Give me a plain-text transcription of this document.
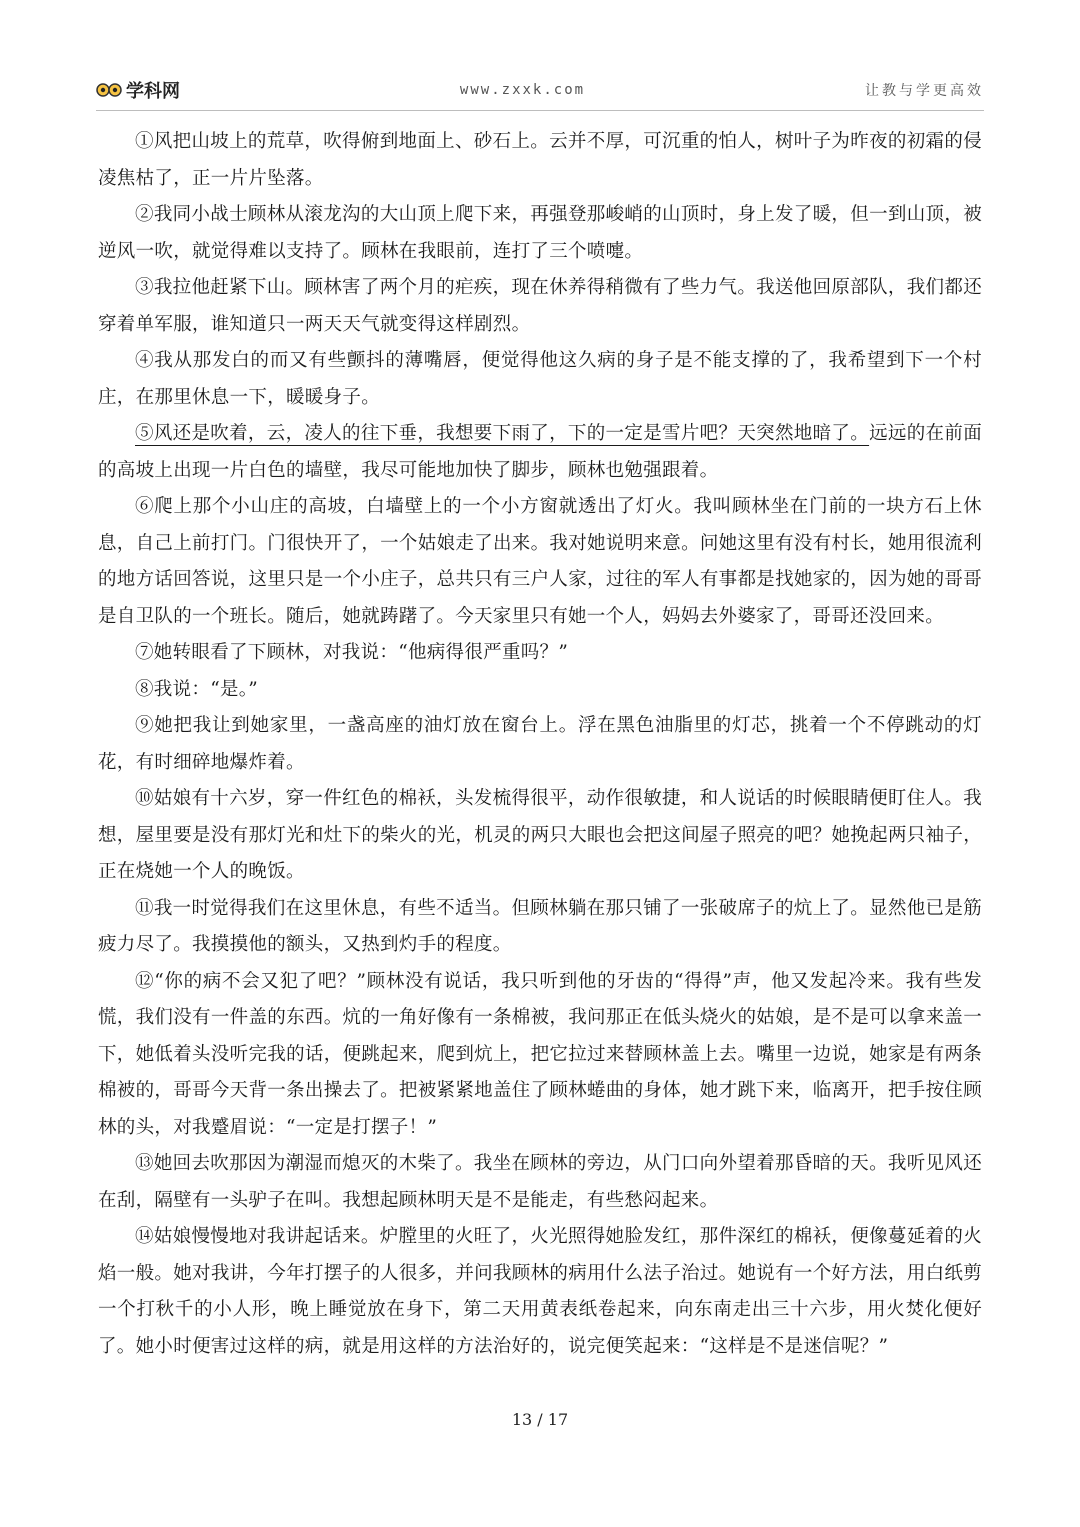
学科网	www.zxxk.com	让教与学更高效

①风把山坡上的荒草，吹得俯到地面上、砂石上。云并不厚，可沉重的怕人，树叶子为昨夜的初霜的侵凌焦枯了，正一片片坠落。

②我同小战士顾林从滚龙沟的大山顶上爬下来，再强登那峻峭的山顶时，身上发了暖，但一到山顶，被逆风一吹，就觉得难以支持了。顾林在我眼前，连打了三个喷嚏。

③我拉他赶紧下山。顾林害了两个月的疟疾，现在休养得稍微有了些力气。我送他回原部队，我们都还穿着单军服，谁知道只一两天天气就变得这样剧烈。

④我从那发白的而又有些颤抖的薄嘴唇，便觉得他这久病的身子是不能支撑的了，我希望到下一个村庄，在那里休息一下，暖暖身子。

⑤风还是吹着，云，凌人的往下垂，我想要下雨了，下的一定是雪片吧？天突然地暗了。远远的在前面的高坡上出现一片白色的墙壁，我尽可能地加快了脚步，顾林也勉强跟着。

⑥爬上那个小山庄的高坡，白墙壁上的一个小方窗就透出了灯火。我叫顾林坐在门前的一块方石上休息，自己上前打门。门很快开了，一个姑娘走了出来。我对她说明来意。问她这里有没有村长，她用很流利的地方话回答说，这里只是一个小庄子，总共只有三户人家，过往的军人有事都是找她家的，因为她的哥哥是自卫队的一个班长。随后，她就踌躇了。今天家里只有她一个人，妈妈去外婆家了，哥哥还没回来。

⑦她转眼看了下顾林，对我说：“他病得很严重吗？”

⑧我说：“是。”

⑨她把我让到她家里，一盏高座的油灯放在窗台上。浮在黑色油脂里的灯芯，挑着一个不停跳动的灯花，有时细碎地爆炸着。

⑩姑娘有十六岁，穿一件红色的棉袄，头发梳得很平，动作很敏捷，和人说话的时候眼睛便盯住人。我想，屋里要是没有那灯光和灶下的柴火的光，机灵的两只大眼也会把这间屋子照亮的吧？她挽起两只袖子，正在烧她一个人的晚饭。

⑪我一时觉得我们在这里休息，有些不适当。但顾林躺在那只铺了一张破席子的炕上了。显然他已是筋疲力尽了。我摸摸他的额头，又热到灼手的程度。

⑫“你的病不会又犯了吧？”顾林没有说话，我只听到他的牙齿的“得得”声，他又发起冷来。我有些发慌，我们没有一件盖的东西。炕的一角好像有一条棉被，我问那正在低头烧火的姑娘，是不是可以拿来盖一下，她低着头没听完我的话，便跳起来，爬到炕上，把它拉过来替顾林盖上去。嘴里一边说，她家是有两条棉被的，哥哥今天背一条出操去了。把被紧紧地盖住了顾林蜷曲的身体，她才跳下来，临离开，把手按住顾林的头，对我蹙眉说：“一定是打摆子！”

⑬她回去吹那因为潮湿而熄灭的木柴了。我坐在顾林的旁边，从门口向外望着那昏暗的天。我听见风还在刮，隔壁有一头驴子在叫。我想起顾林明天是不是能走，有些愁闷起来。

⑭姑娘慢慢地对我讲起话来。炉膛里的火旺了，火光照得她脸发红，那件深红的棉袄，便像蔓延着的火焰一般。她对我讲，今年打摆子的人很多，并问我顾林的病用什么法子治过。她说有一个好方法，用白纸剪一个打秋千的小人形，晚上睡觉放在身下，第二天用黄表纸卷起来，向东南走出三十六步，用火焚化便好了。她小时便害过这样的病，就是用这样的方法治好的，说完便笑起来：“这样是不是迷信呢？”

13 / 17
